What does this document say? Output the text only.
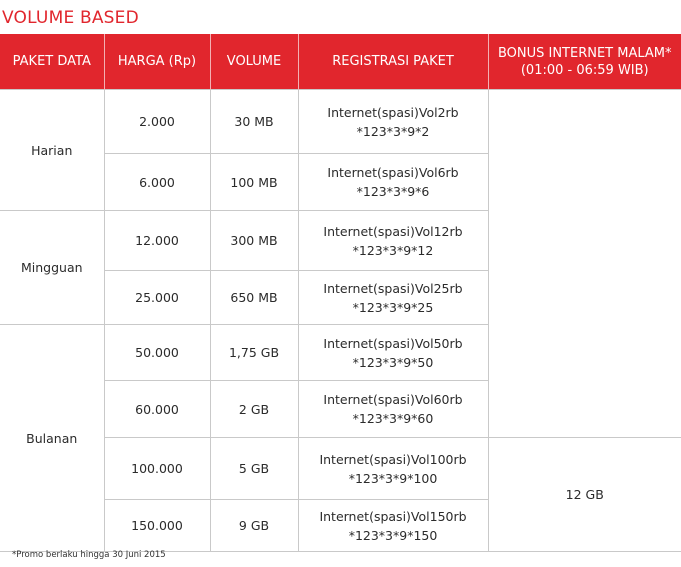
VOLUME BASED
PAKET DATA	HARGA (Rp)	VOLUME	REGISTRASI PAKET	BONUS INTERNET MALAM*
(01:00 - 06:59 WIB)

Harian	2.000	30 MB	Internet(spasi)Vol2rb
*123*3*9*2	

	6.000	100 MB	Internet(spasi)Vol6rb
*123*3*9*6	

Mingguan	12.000	300 MB	Internet(spasi)Vol12rb
*123*3*9*12	

	25.000	650 MB	Internet(spasi)Vol25rb
*123*3*9*25	

Bulanan	50.000	1,75 GB	Internet(spasi)Vol50rb
*123*3*9*50	

	60.000	2 GB	Internet(spasi)Vol60rb
*123*3*9*60	

	100.000	5 GB	Internet(spasi)Vol100rb
*123*3*9*100	12 GB
	150.000	9 GB	Internet(spasi)Vol150rb
*123*3*9*150	
*Promo berlaku hingga 30 Juni 2015
